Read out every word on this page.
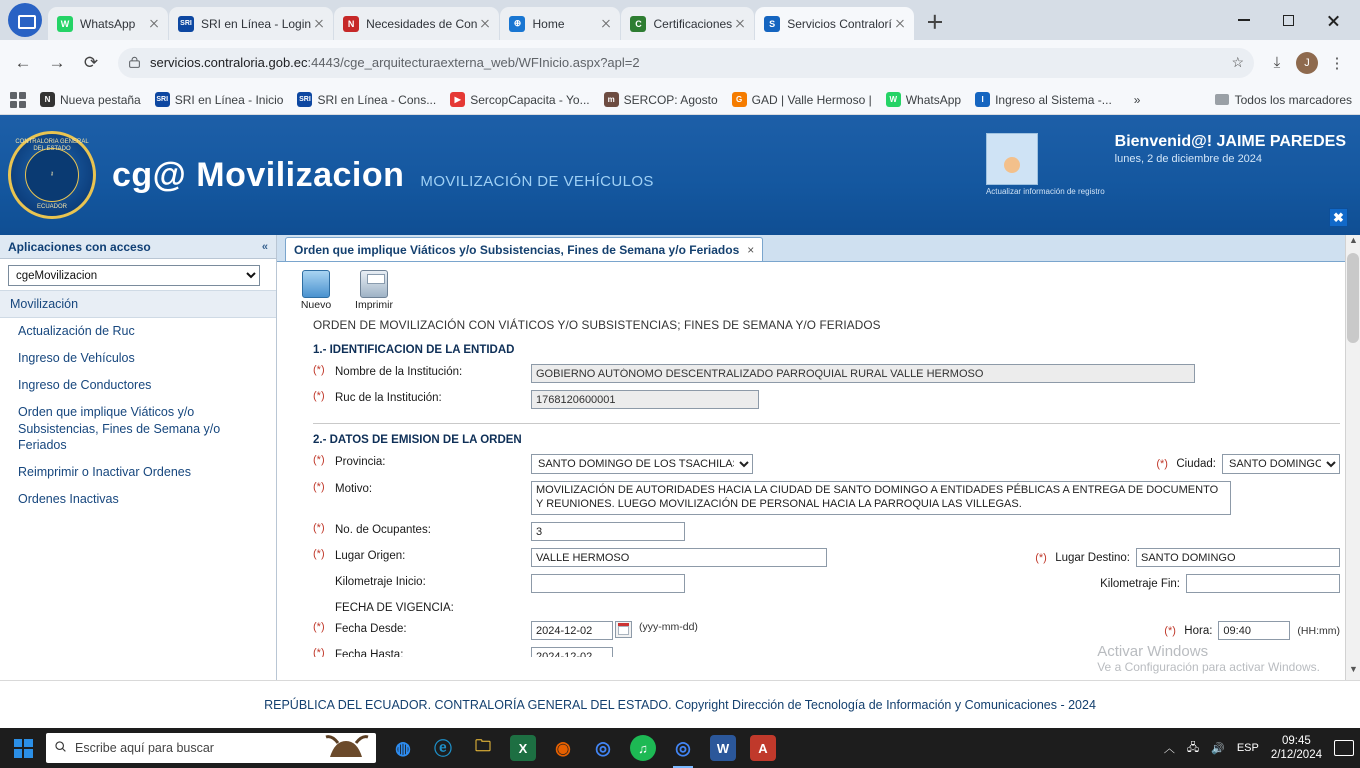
W WhatsApp	SRI SRI en Línea - Login	N Necesidades de Con	⊕ Home	C Certificaciones	S	Servicios Contralorí
←	→	⟳	servicios.contraloria.gob.ec:4443/cge_arquitecturaexterna_web/WFInicio.aspx?apl=2	☆	⤓	J	⋮
N Nueva pestaña SRI SRI en Línea - Inicio SRI SRI en Línea - Cons...	▶ SercopCapacita - Yo...	m SERCOP: Agosto	G GAD | Valle Hermoso |	W WhatsApp	I Ingreso al Sistema -... »	Todos los marcadores
CONTRALORIA GENERAL DEL ESTADO
⚷
ECUADOR
cg@ Movilizacion MOVILIZACIÓN DE VEHÍCULOS
Actualizar información de registro
Bienvenid@! JAIME PAREDES
lunes, 2 de diciembre de 2024
✖
Aplicaciones con acceso	«
cgeMovilizacion
Movilización
Actualización de Ruc
Ingreso de Vehículos
Ingreso de Conductores
Orden que implique Viáticos y/o Subsistencias, Fines de Semana y/o Feriados
Reimprimir o Inactivar Ordenes
Ordenes Inactivas
Orden que implique Viáticos y/o Subsistencias, Fines de Semana y/o Feriados ×
Nuevo	Imprimir
ORDEN DE MOVILIZACIÓN CON VIÁTICOS Y/O SUBSISTENCIAS; FINES DE SEMANA Y/O FERIADOS
1.- IDENTIFICACION DE LA ENTIDAD
(*) Nombre de la Institución:
GOBIERNO AUTÓNOMO DESCENTRALIZADO PARROQUIAL RURAL VALLE HERMOSO
(*) Ruc de la Institución:
1768120600001
2.- DATOS DE EMISION DE LA ORDEN
(*) Provincia:
SANTO DOMINGO DE LOS TSACHILAS	(*) Ciudad:
SANTO DOMINGO
(*) Motivo:
MOVILIZACIÓN DE AUTORIDADES HACIA LA CIUDAD DE SANTO DOMINGO A ENTIDADES PÉBLICAS A ENTREGA DE DOCUMENTO Y REUNIONES. LUEGO MOVILIZACIÓN DE PERSONAL HACIA LA PARROQUIA LAS VILLEGAS.
(*) No. de Ocupantes:
3
(*) Lugar Origen:
VALLE HERMOSO	(*) Lugar Destino:
SANTO DOMINGO
Kilometraje Inicio:	Kilometraje Fin:
FECHA DE VIGENCIA:
(*) Fecha Desde:
2024-12-02	(yyy-mm-dd)	(*) Hora:
09:40	(HH:mm)
(*) Fecha Hasta:
2024-12-02	Activar Windows
Ve a Configuración para activar Windows.
▲
▼
REPÚBLICA DEL ECUADOR. CONTRALORÍA GENERAL DEL ESTADO. Copyright Dirección de Tecnología de Información y Comunicaciones - 2024
Escribe aquí para buscar	◍ ⓔ	🗀	X	◉ ◎	♫	◎	W	A	︿ 🖧 🔊 ESP
09:45
2/12/2024
